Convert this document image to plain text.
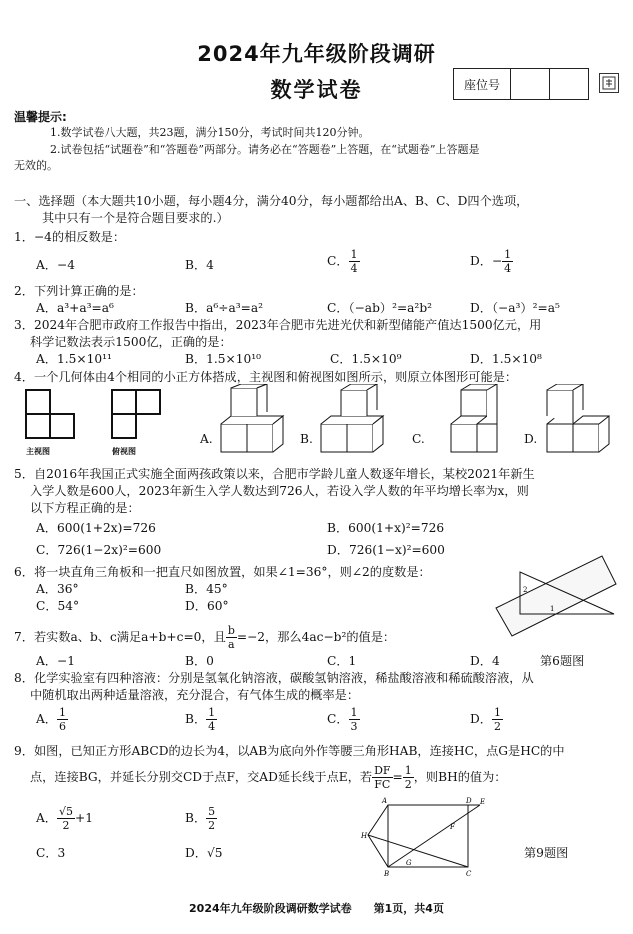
2024年九年级阶段调研
数学试卷	座位号
温馨提示:
1.数学试卷八大题，共23题，满分150分，考试时间共120分钟。
2.试卷包括“试题卷”和“答题卷”两部分。请务必在“答题卷”上答题，在“试题卷”上答题是
无效的。
一、选择题（本大题共10小题，每小题4分，满分40分，每小题都给出A、B、C、D四个选项，
其中只有一个是符合题目要求的.）
1．−4的相反数是：
A．−4	B．4	C． $\frac{1}{4}$	D．− $\frac{1}{4}$
2．下列计算正确的是：
A．a³+a³=a⁶	B．a⁶÷a³=a²	C．（−ab）²=a²b²	D．（−a³）²=a⁵
3．2024年合肥市政府工作报告中指出，2023年合肥市先进光伏和新型储能产值达1500亿元，用
科学记数法表示1500亿，正确的是：
A．1.5×10¹¹	B．1.5×10¹⁰	C．1.5×10⁹	D．1.5×10⁸
4．一个几何体由4个相同的小正方体搭成，主视图和俯视图如图所示，则原立体图形可能是：
主视图	俯视图
A.	B.	C.	D.
5．自2016年我国正式实施全面两孩政策以来，合肥市学龄儿童人数逐年增长，某校2021年新生
入学人数是600人，2023年新生入学人数达到726人，若设入学人数的年平均增长率为x，则
以下方程正确的是：
A．600(1+2x)=726	B．600(1+x)²=726
C．726(1−2x)²=600	D．726(1−x)²=600
6．将一块直角三角板和一把直尺如图放置，如果∠1=36°，则∠2的度数是：
A．36°	B．45°
C．54°	D．60°
2
1
第6题图
7．若实数a、b、c满足a+b+c=0，且 $\frac{b}{a} =-2$，那么4ac−b²的值是：
A．−1	B．0	C．1	D．4
8．化学实验室有四种溶液：分别是氢氧化钠溶液，碳酸氢钠溶液，稀盐酸溶液和稀硫酸溶液，从
中随机取出两种适量溶液，充分混合，有气体生成的概率是：
A． $\frac{1}{6}$	B． $\frac{1}{4}$	C． $\frac{1}{3}$	D． $\frac{1}{2}$
9．如图，已知正方形ABCD的边长为4，以AB为底向外作等腰三角形HAB，连接HC，点G是HC的中
点，连接BG，并延长分别交CD于点F，交AD延长线于点E，若 $\frac{DF}{FC} = \frac{1}{2}$ ，则BH的值为：
A． $\frac{√5}{2} +1$	B． $\frac{5}{2}$
C．3	D．√5
A	D E
H
F
G
B	C
第9题图
2024年九年级阶段调研数学试卷　　第1页，共4页
